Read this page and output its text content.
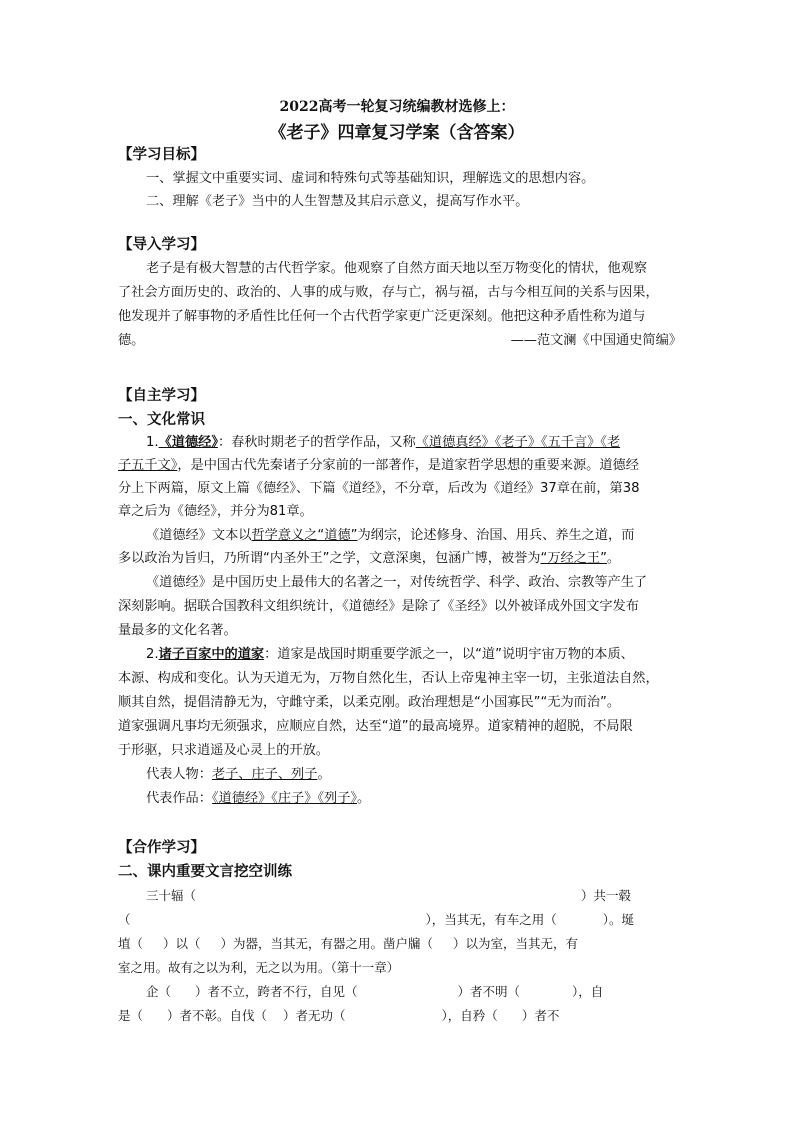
2022高考一轮复习统编教材选修上：
《老子》四章复习学案（含答案）
【学习目标】
一、掌握文中重要实词、虚词和特殊句式等基础知识，理解选文的思想内容。
二、理解《老子》当中的人生智慧及其启示意义，提高写作水平。
【导入学习】
老子是有极大智慧的古代哲学家。他观察了自然方面天地以至万物变化的情状，他观察
了社会方面历史的、政治的、人事的成与败，存与亡，祸与福，古与今相互间的关系与因果，
他发现并了解事物的矛盾性比任何一个古代哲学家更广泛更深刻。他把这种矛盾性称为道与
德。	——范文澜《中国通史简编》
【自主学习】
一、文化常识
1.《道德经》：春秋时期老子的哲学作品，又称《道德真经》《老子》《五千言》《老
子五千文》，是中国古代先秦诸子分家前的一部著作，是道家哲学思想的重要来源。道德经
分上下两篇，原文上篇《德经》、下篇《道经》，不分章，后改为《道经》37章在前，第38
章之后为《德经》，并分为81章。
《道德经》文本以哲学意义之“道德”为纲宗，论述修身、治国、用兵、养生之道，而
多以政治为旨归，乃所谓“内圣外王”之学，文意深奥，包涵广博，被誉为“万经之王”。
《道德经》是中国历史上最伟大的名著之一，对传统哲学、科学、政治、宗教等产生了
深刻影响。据联合国教科文组织统计，《道德经》是除了《圣经》以外被译成外国文字发布
量最多的文化名著。
2.诸子百家中的道家：道家是战国时期重要学派之一，以“道”说明宇宙万物的本质、
本源、构成和变化。认为天道无为，万物自然化生，否认上帝鬼神主宰一切，主张道法自然，
顺其自然，提倡清静无为，守雌守柔，以柔克刚。政治理想是“小国寡民”“无为而治”。
道家强调凡事均无须强求，应顺应自然，达至“道”的最高境界。道家精神的超脱，不局限
于形驱，只求逍遥及心灵上的开放。
代表人物：老子、庄子、列子。
代表作品：《道德经》《庄子》《列子》。
【合作学习】
二、课内重要文言挖空训练
三十辐（	）共一毂
（	），当其无，有车之用（	）。埏
埴（ ）以（ ）为器，当其无，有器之用。凿户牖（ ）以为室，当其无，有
室之用。故有之以为利，无之以为用。（第十一章）
企（ ）者不立，跨者不行，自见（	）者不明（	），自
是（ ）者不彰。自伐（ ）者无功（	），自矜（ ）者不
